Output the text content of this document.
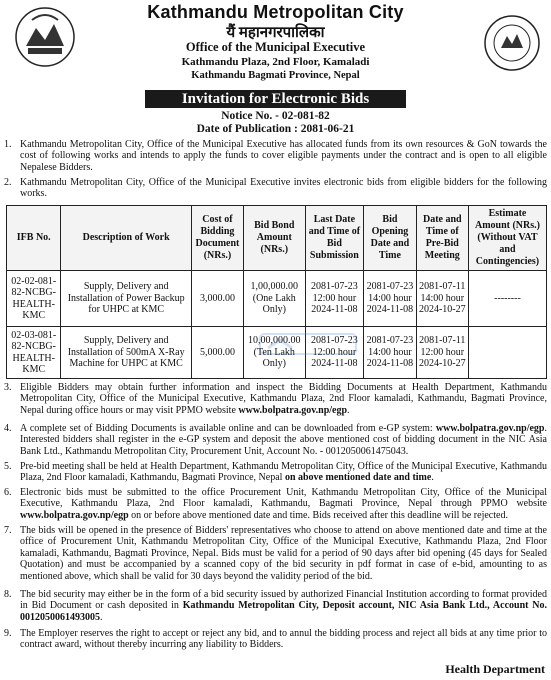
Kathmandu Metropolitan City
यैं महानगरपालिका
Office of the Municipal Executive
Kathmandu Plaza, 2nd Floor, Kamaladi
Kathmandu Bagmati Province, Nepal
Invitation for Electronic Bids
Notice No. - 02-081-82
Date of Publication : 2081-06-21
1. Kathmandu Metropolitan City, Office of the Municipal Executive has allocated funds from its own resources & GoN towards the cost of following works and intends to apply the funds to cover eligible payments under the contract and is open to all eligible Nepalese Bidders.
2. Kathmandu Metropolitan City, Office of the Municipal Executive invites electronic bids from eligible bidders for the following works.
IFB No.	Description of Work	Cost of Bidding Document (NRs.)	Bid Bond Amount (NRs.)	Last Date and Time of Bid Submission	Bid Opening Date and Time	Date and Time of Pre-Bid Meeting	Estimate Amount (NRs.) (Without VAT and Contingencies)
02-02-081-82-NCBG-HEALTH-KMC	Supply, Delivery and Installation of Power Backup for UHPC at KMC	3,000.00	1,00,000.00 (One Lakh Only)	2081-07-23 12:00 hour 2024-11-08	2081-07-23 14:00 hour 2024-11-08	2081-07-11 14:00 hour 2024-10-27	--------
02-03-081-82-NCBG-HEALTH-KMC	Supply, Delivery and Installation of 500mA X-Ray Machine for UHPC at KMC	5,000.00	10,00,000.00 (Ten Lakh Only)	2081-07-23 12:00 hour 2024-11-08	2081-07-23 14:00 hour 2024-11-08	2081-07-11 12:00 hour 2024-10-27	
3. Eligible Bidders may obtain further information and inspect the Bidding Documents at Health Department, Kathmandu Metropolitan City, Office of the Municipal Executive, Kathmandu Plaza, 2nd Floor kamaladi, Kathmandu, Bagmati Province, Nepal during office hours or may visit PPMO website www.bolpatra.gov.np/egp.
4. A complete set of Bidding Documents is available online and can be downloaded from e-GP system: www.bolpatra.gov.np/egp. Interested bidders shall register in the e-GP system and deposit the above mentioned cost of bidding document in the NIC Asia Bank Ltd., Kathmandu Metropolitan City, Procurement Unit, Account No. - 0012050061475043.
5. Pre-bid meeting shall be held at Health Department, Kathmandu Metropolitan City, Office of the Municipal Executive, Kathmandu Plaza, 2nd Floor kamaladi, Kathmandu, Bagmati Province, Nepal on above mentioned date and time.
6. Electronic bids must be submitted to the office Procurement Unit, Kathmandu Metropolitan City, Office of the Municipal Executive, Kathmandu Plaza, 2nd Floor kamaladi, Kathmandu, Bagmati Province, Nepal through PPMO website www.bolpatra.gov.np/egp on or before above mentioned date and time. Bids received after this deadline will be rejected.
7. The bids will be opened in the presence of Bidders' representatives who choose to attend on above mentioned date and time at the office of Procurement Unit, Kathmandu Metropolitan City, Office of the Municipal Executive, Kathmandu Plaza, 2nd Floor kamaladi, Kathmandu, Bagmati Province, Nepal. Bids must be valid for a period of 90 days after bid opening (45 days for Sealed Quotation) and must be accompanied by a scanned copy of the bid security in pdf format in case of e-bid, amounting to as mentioned above, which shall be valid for 30 days beyond the validity period of the bid.
8. The bid security may either be in the form of a bid security issued by authorized Financial Institution according to format provided in Bid Document or cash deposited in Kathmandu Metropolitan City, Deposit account, NIC Asia Bank Ltd., Account No. 0012050061493005.
9. The Employer reserves the right to accept or reject any bid, and to annul the bidding process and reject all bids at any time prior to contract award, without thereby incurring any liability to Bidders.
Health Department
